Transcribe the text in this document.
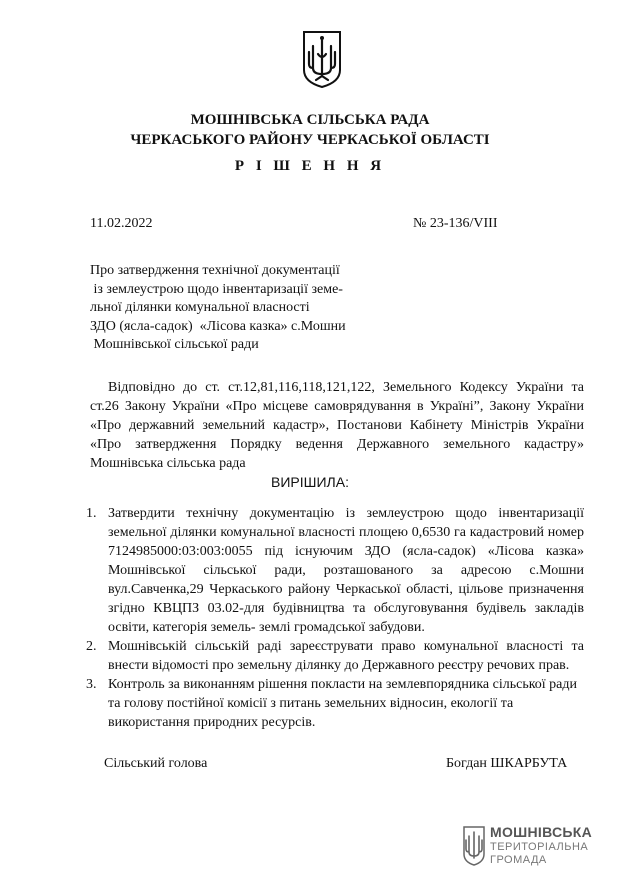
МОШНІВСЬКА СІЛЬСЬКА РАДА
ЧЕРКАСЬКОГО РАЙОНУ ЧЕРКАСЬКОЇ ОБЛАСТІ
Р І Ш Е Н Н Я
11.02.2022	№ 23-136/VIII
Про затвердження технічної документації
із землеустрою щодо інвентаризації земе-
льної ділянки комунальної власності
ЗДО (ясла-садок)  «Лісова казка» с.Мошни
Мошнівської сільської ради
Відповідно до ст. ст.12,81,116,118,121,122, Земельного Кодексу України та ст.26 Закону України «Про місцеве самоврядування в Україні”, Закону України «Про державний земельний кадастр», Постанови Кабінету Міністрів України «Про затвердження Порядку ведення Державного земельного кадастру» Мошнівська сільська рада
ВИРІШИЛА:
1. Затвердити технічну документацію із землеустрою щодо інвентаризації земельної ділянки комунальної власності площею 0,6530 га кадастровий номер 7124985000:03:003:0055 під існуючим ЗДО (ясла-садок) «Лісова казка» Мошнівської сільської ради, розташованого за адресою с.Мошни вул.Савченка,29 Черкаського району Черкаської області, цільове призначення згідно КВЦПЗ 03.02-для будівництва та обслуговування будівель закладів освіти, категорія земель- землі громадської забудови.
2. Мошнівській сільській раді зареєструвати право комунальної власності та внести відомості про земельну ділянку до Державного реєстру речових прав.
3. Контроль за виконанням рішення покласти на землевпорядника сільської ради та голову постійної комісії з питань земельних відносин, екології та використання природних ресурсів.
Сільський голова	Богдан ШКАРБУТА
МОШНІВСЬКА
ТЕРИТОРІАЛЬНА
ГРОМАДА
